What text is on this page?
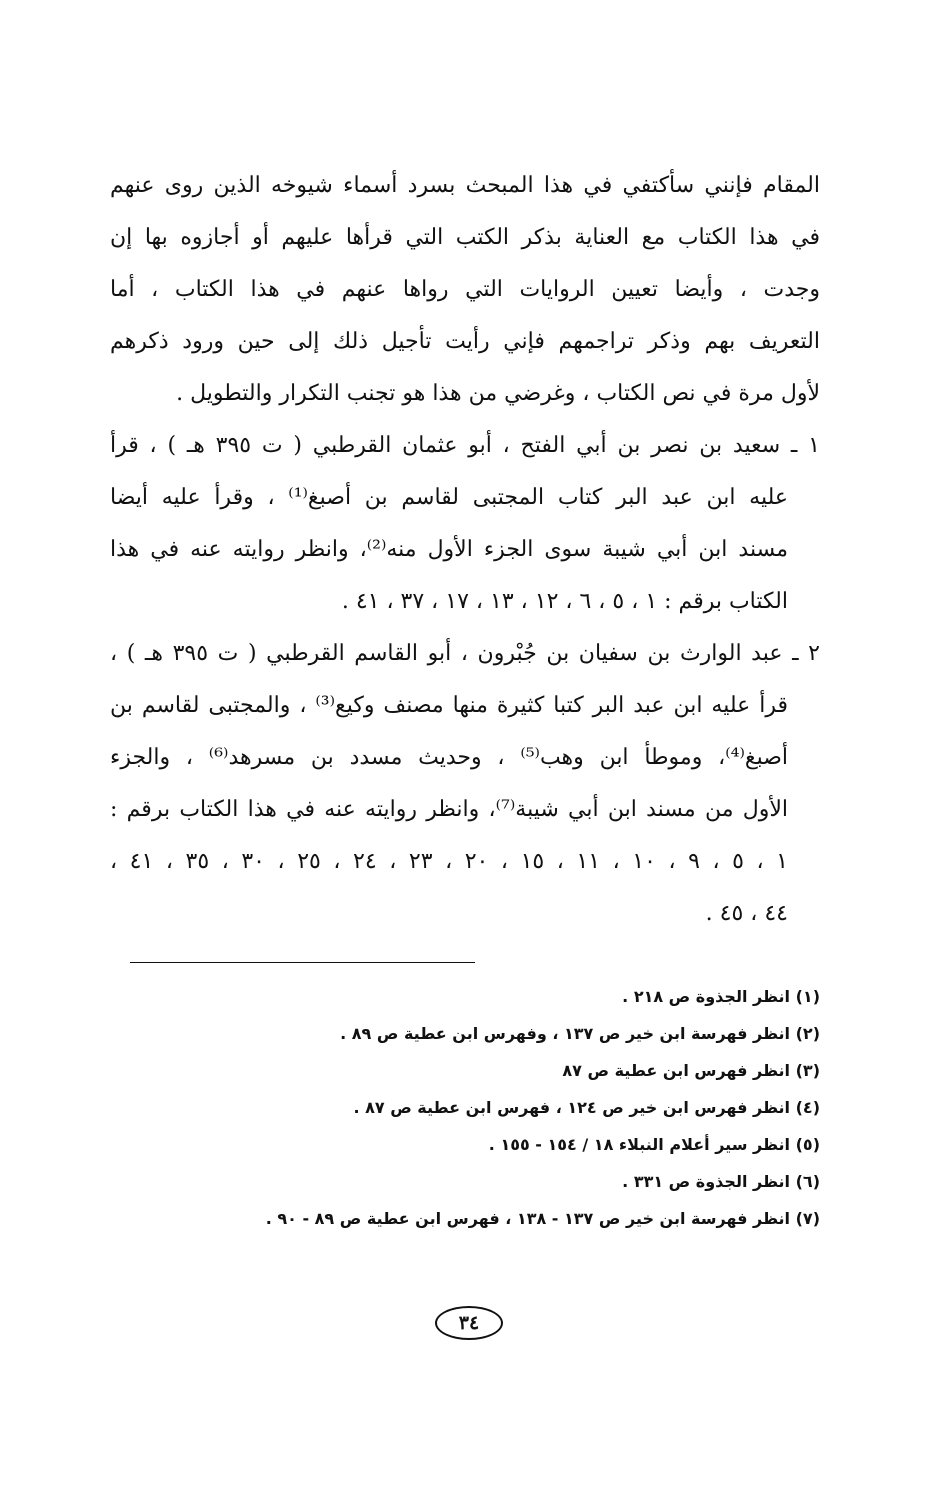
المقام فإنني سأكتفي في هذا المبحث بسرد أسماء شيوخه الذين روى عنهم
في هذا الكتاب مع العناية بذكر الكتب التي قرأها عليهم أو أجازوه بها إن
وجدت ، وأيضا تعيين الروايات التي رواها عنهم في هذا الكتاب ، أما
التعريف بهم وذكر تراجمهم فإني رأيت تأجيل ذلك إلى حين ورود ذكرهم
لأول مرة في نص الكتاب ، وغرضي من هذا هو تجنب التكرار والتطويل .
١ ـ سعيد بن نصر بن أبي الفتح ، أبو عثمان القرطبي ( ت ٣٩٥ هـ ) ، قرأ
عليه ابن عبد البر كتاب المجتبى لقاسم بن أصبغ⁽¹⁾ ، وقرأ عليه أيضا
مسند ابن أبي شيبة سوى الجزء الأول منه⁽²⁾، وانظر روايته عنه في هذا
الكتاب برقم : ١ ، ٥ ، ٦ ، ١٢ ، ١٣ ، ١٧ ، ٣٧ ، ٤١ .
٢ ـ عبد الوارث بن سفيان بن جُبْرون ، أبو القاسم القرطبي ( ت ٣٩٥ هـ ) ،
قرأ عليه ابن عبد البر كتبا كثيرة منها مصنف وكيع⁽³⁾ ، والمجتبى لقاسم بن
أصبغ⁽⁴⁾، وموطأ ابن وهب⁽⁵⁾ ، وحديث مسدد بن مسرهد⁽⁶⁾ ، والجزء
الأول من مسند ابن أبي شيبة⁽⁷⁾، وانظر روايته عنه في هذا الكتاب برقم :
١ ، ٥ ، ٩ ، ١٠ ، ١١ ، ١٥ ، ٢٠ ، ٢٣ ، ٢٤ ، ٢٥ ، ٣٠ ، ٣٥ ، ٤١ ،
٤٤ ، ٤٥ .
(١) انظر الجذوة ص ٢١٨ .
(٢) انظر فهرسة ابن خير ص ١٣٧ ، وفهرس ابن عطية ص ٨٩ .
(٣) انظر فهرس ابن عطية ص ٨٧
(٤) انظر فهرس ابن خير ص ١٢٤ ، فهرس ابن عطية ص ٨٧ .
(٥) انظر سير أعلام النبلاء ١٨ / ١٥٤ - ١٥٥ .
(٦) انظر الجذوة ص ٣٣١ .
(٧) انظر فهرسة ابن خير ص ١٣٧ - ١٣٨ ، فهرس ابن عطية ص ٨٩ - ٩٠ .
٣٤
